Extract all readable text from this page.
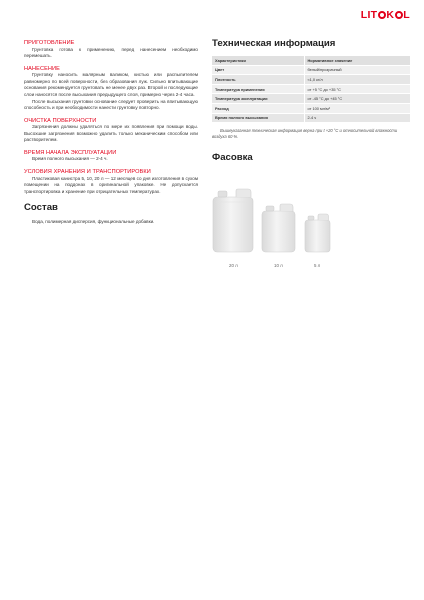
LIT K L
ПРИГОТОВЛЕНИЕ

Грунтовка готова к применению, перед нанесением необходимо перемешать.

НАНЕСЕНИЕ

Грунтовку наносить малярным валиком, кистью или распылителем равномерно по всей поверхности, без образования луж. Сильно впитывающие основания рекомендуется грунтовать не менее двух раз. Второй и последующие слои наносятся после высыхания предыдущего слоя, примерно через 2-4 часа.

После высыхания грунтовки основание следует проверить на впитывающую способность и при необходимости нанести грунтовку повторно.

ОЧИСТКА ПОВЕРХНОСТИ

Загрязнения должны удаляться по мере их появления при помощи воды. Высохшие загрязнения возможно удалить только механическим способом или растворителем.

ВРЕМЯ НАЧАЛА ЭКСПЛУАТАЦИИ

Время полного высыхания — 2-4 ч.

УСЛОВИЯ ХРАНЕНИЯ И ТРАНСПОРТИРОВКИ

Пластиковая канистра 5, 10, 20 л — 12 месяцев со дня изготовления в сухом помещении на поддонах в оригинальной упаковке. Не допускается транспортировка и хранение при отрицательных температурах.

Состав

Вода, полимерная дисперсия, функциональные добавки.

Техническая информация
Характеристики	Нормативное значение
Цвет	белый/прозрачный
Плотность	≈1,0 кг/л
Температура применения	от +5 °С до +35 °С
Температура эксплуатации	от -45 °С до +45 °С
Расход	от 100 мл/м²
Время полного высыхания	2-4 ч

Вышеуказанная техническая информация верна при t +20 °С и относительной влажности воздуха 60 %.

Фасовка
20 л	10 л	5 л
